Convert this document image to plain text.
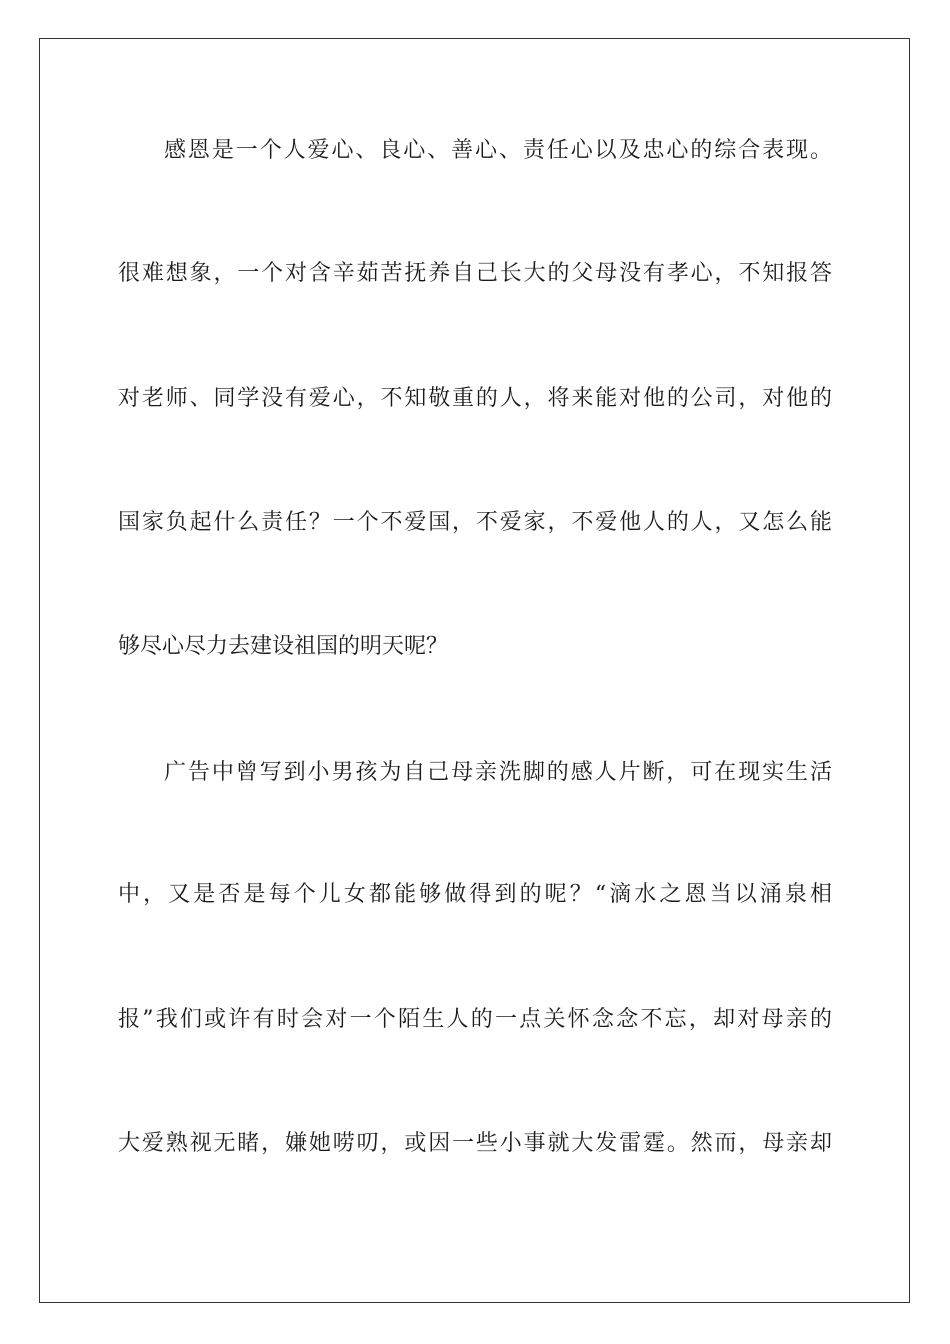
感恩是一个人爱心、良心、善心、责任心以及忠心的综合表现。
很难想象，一个对含辛茹苦抚养自己长大的父母没有孝心，不知报答
对老师、同学没有爱心，不知敬重的人，将来能对他的公司，对他的
国家负起什么责任？一个不爱国，不爱家，不爱他人的人，又怎么能
够尽心尽力去建设祖国的明天呢？
广告中曾写到小男孩为自己母亲洗脚的感人片断，可在现实生活
中，又是否是每个儿女都能够做得到的呢？“滴水之恩当以涌泉相
报”我们或许有时会对一个陌生人的一点关怀念念不忘，却对母亲的
大爱熟视无睹，嫌她唠叨，或因一些小事就大发雷霆。然而，母亲却
